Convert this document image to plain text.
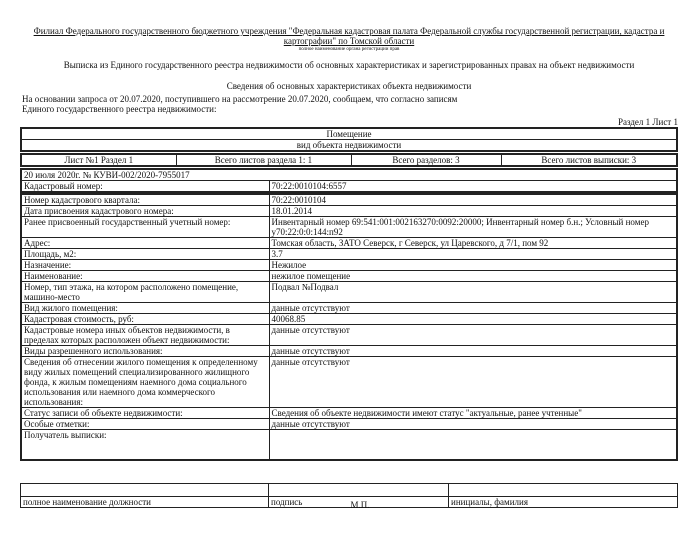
Филиал Федерального государственного бюджетного учреждения "Федеральная кадастровая палата Федеральной службы государственной регистрации, кадастра и картографии" по Томской области
полное наименование органа регистрации прав
Выписка из Единого государственного реестра недвижимости об основных характеристиках и зарегистрированных правах на объект недвижимости
Сведения об основных характеристиках объекта недвижимости
На основании запроса от 20.07.2020, поступившего на рассмотрение 20.07.2020, сообщаем, что согласно записям Единого государственного реестра недвижимости:
Раздел 1 Лист 1
Помещение
вид объекта недвижимости
Лист №1 Раздел 1	Всего листов раздела 1: 1	Всего разделов: 3	Всего листов выписки: 3
20 июля 2020г. № КУВИ-002/2020-7955017
Кадастровый номер:	70:22:0010104:6557
Номер кадастрового квартала:	70:22:0010104
Дата присвоения кадастрового номера:	18.01.2014
Ранее присвоенный государственный учетный номер:	Инвентарный номер 69:541:001:002163270:0092:20000; Инвентарный номер б.н.; Условный номер у70:22:0:0:144:п92
Адрес:	Томская область, ЗАТО Северск, г Северск, ул Царевского, д 7/1, пом 92
Площадь, м2:	3.7
Назначение:	Нежилое
Наименование:	нежилое помещение
Номер, тип этажа, на котором расположено помещение, машино-место	Подвал №Подвал
Вид жилого помещения:	данные отсутствуют
Кадастровая стоимость, руб:	40068.85
Кадастровые номера иных объектов недвижимости, в пределах которых расположен объект недвижимости:	данные отсутствуют
Виды разрешенного использования:	данные отсутствуют
Сведения об отнесении жилого помещения к определенному виду жилых помещений специализированного жилищного фонда, к жилым помещениям наемного дома социального использования или наемного дома коммерческого использования:	данные отсутствуют
Статус записи об объекте недвижимости:	Сведения об объекте недвижимости имеют статус "актуальные, ранее учтенные"
Особые отметки:	данные отсутствуют
Получатель выписки:	

полное наименование должности	подпись	инициалы, фамилия
М.П.
